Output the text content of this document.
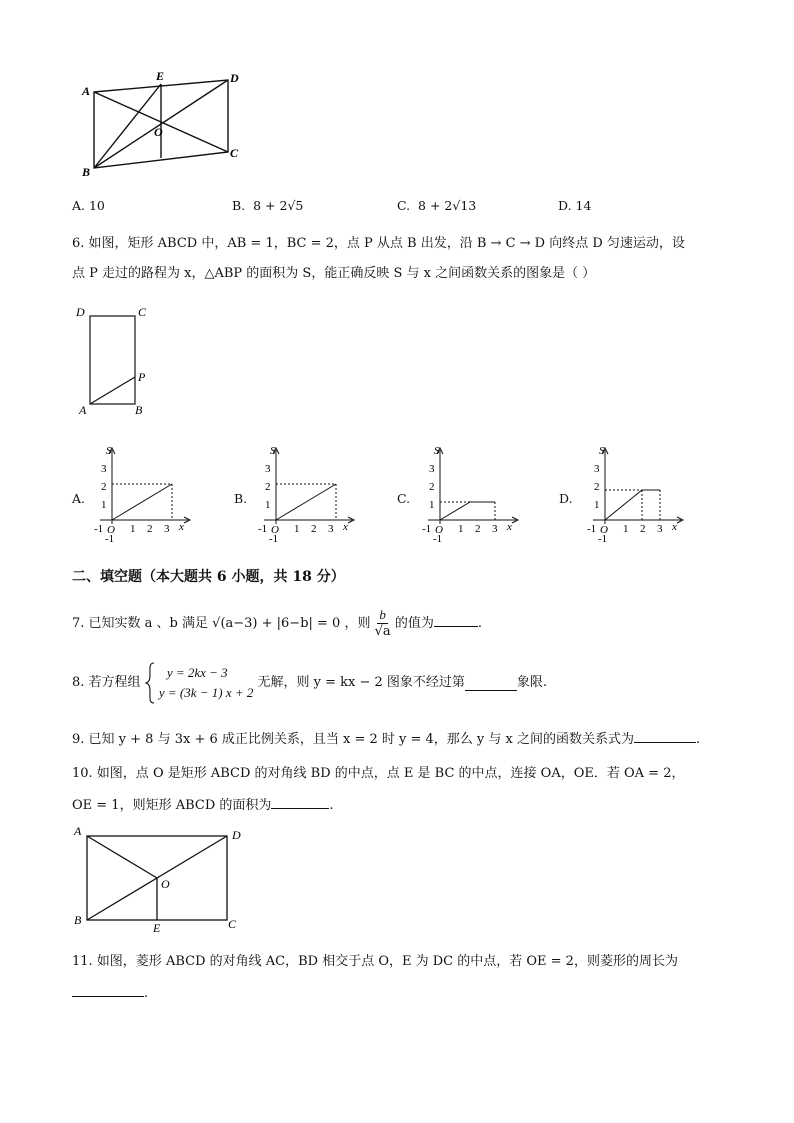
A
E	D
O
C
B
A. 10	B. 8 + 2√5	C. 8 + 2√13	D. 14
6. 如图，矩形 ABCD 中，AB = 1，BC = 2，点 P 从点 B 出发，沿 B → C → D 向终点 D 匀速运动，设
点 P 走过的路程为 x，△ABP 的面积为 S，能正确反映 S 与 x 之间函数关系的图象是（ ）
D	C
P
A	B
A.	B.	C.	D.
S
3
2
1
-1 O
-1
1 2 3 x
S
3
2
1
-1 O
-1
1 2 3 x
S
3
2
1
-1 O
-1
1 2 3 x
S
3
2
1
-1 O
-1
1 2 3 x
二、填空题（本大题共 6 小题，共 18 分）
7. 已知实数 a 、b 满足 √(a−3) + |6−b| = 0 ，则 $\frac{b}{√a}$ 的值为	.
8. 若方程组
y = 2kx − 3
y = (3k − 1) x + 2
无解，则 y = kx − 2 图象不经过第	象限.
9. 已知 y + 8 与 3x + 6 成正比例关系，且当 x = 2 时 y = 4，那么 y 与 x 之间的函数关系式为	.
10. 如图，点 O 是矩形 ABCD 的对角线 BD 的中点，点 E 是 BC 的中点，连接 OA，OE．若 OA = 2，
OE = 1，则矩形 ABCD 的面积为	.
A	D
O
B
E	C
11. 如图，菱形 ABCD 的对角线 AC，BD 相交于点 O，E 为 DC 的中点，若 OE = 2，则菱形的周长为
.
